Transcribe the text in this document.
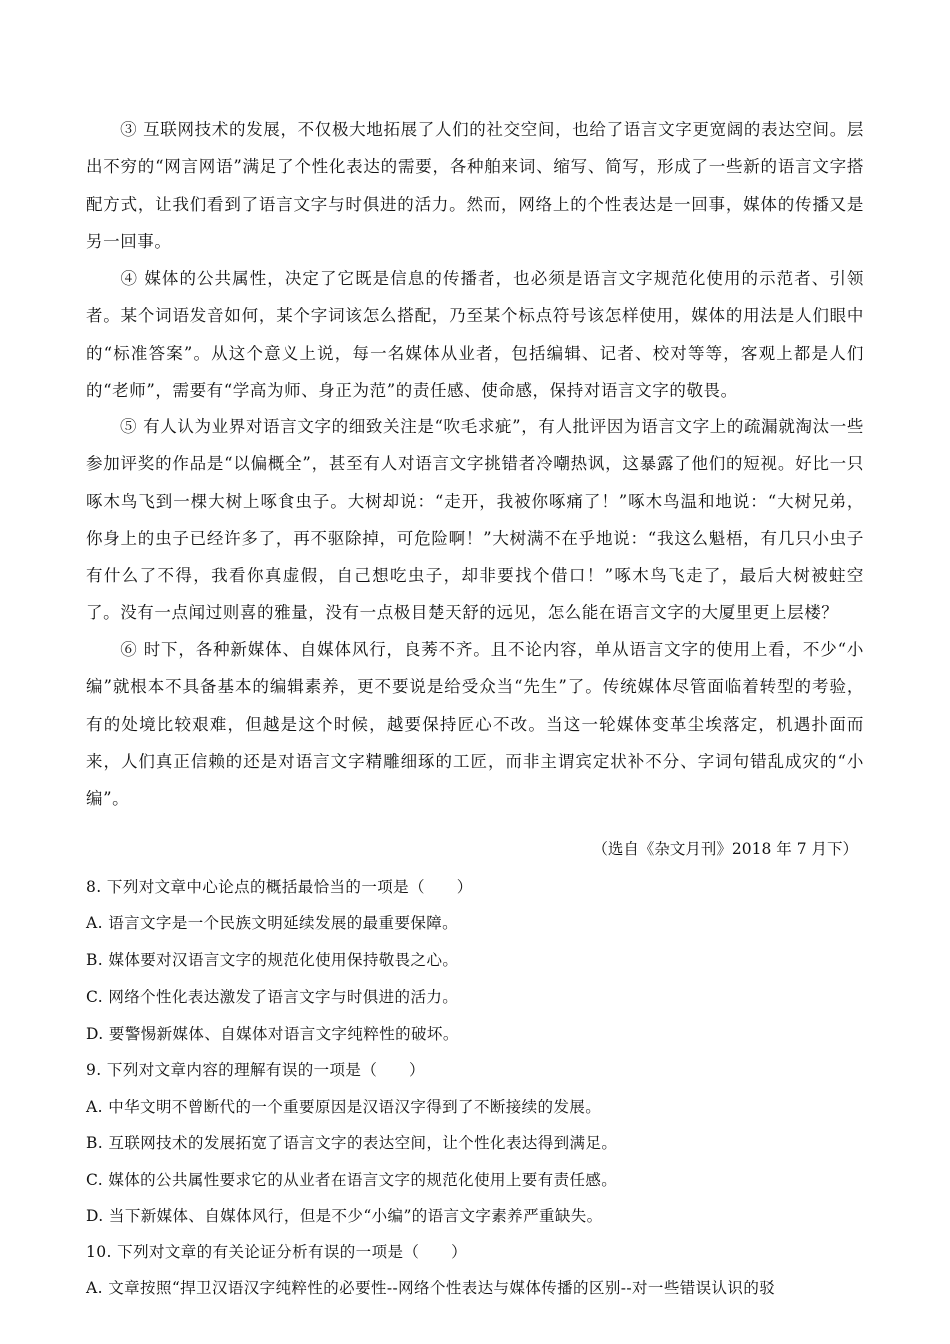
③ 互联网技术的发展，不仅极大地拓展了人们的社交空间，也给了语言文字更宽阔的表达空间。层出不穷的“网言网语”满足了个性化表达的需要，各种舶来词、缩写、简写，形成了一些新的语言文字搭配方式，让我们看到了语言文字与时俱进的活力。然而，网络上的个性表达是一回事，媒体的传播又是另一回事。

④ 媒体的公共属性，决定了它既是信息的传播者，也必须是语言文字规范化使用的示范者、引领者。某个词语发音如何，某个字词该怎么搭配，乃至某个标点符号该怎样使用，媒体的用法是人们眼中的“标准答案”。从这个意义上说，每一名媒体从业者，包括编辑、记者、校对等等，客观上都是人们的“老师”，需要有“学高为师、身正为范”的责任感、使命感，保持对语言文字的敬畏。

⑤ 有人认为业界对语言文字的细致关注是“吹毛求疵”，有人批评因为语言文字上的疏漏就淘汰一些参加评奖的作品是“以偏概全”，甚至有人对语言文字挑错者冷嘲热讽，这暴露了他们的短视。好比一只啄木鸟飞到一棵大树上啄食虫子。大树却说：“走开，我被你啄痛了！”啄木鸟温和地说：“大树兄弟，你身上的虫子已经许多了，再不驱除掉，可危险啊！”大树满不在乎地说：“我这么魁梧，有几只小虫子有什么了不得，我看你真虚假，自己想吃虫子，却非要找个借口！”啄木鸟飞走了，最后大树被蛀空了。没有一点闻过则喜的雅量，没有一点极目楚天舒的远见，怎么能在语言文字的大厦里更上层楼？

⑥ 时下，各种新媒体、自媒体风行，良莠不齐。且不论内容，单从语言文字的使用上看，不少“小编”就根本不具备基本的编辑素养，更不要说是给受众当“先生”了。传统媒体尽管面临着转型的考验，有的处境比较艰难，但越是这个时候，越要保持匠心不改。当这一轮媒体变革尘埃落定，机遇扑面而来，人们真正信赖的还是对语言文字精雕细琢的工匠，而非主谓宾定状补不分、字词句错乱成灾的“小编”。

（选自《杂文月刊》2018 年 7 月下）

8. 下列对文章中心论点的概括最恰当的一项是（　　）

A. 语言文字是一个民族文明延续发展的最重要保障。

B. 媒体要对汉语言文字的规范化使用保持敬畏之心。

C. 网络个性化表达激发了语言文字与时俱进的活力。

D. 要警惕新媒体、自媒体对语言文字纯粹性的破坏。

9. 下列对文章内容的理解有误的一项是（　　）

A. 中华文明不曾断代的一个重要原因是汉语汉字得到了不断接续的发展。

B. 互联网技术的发展拓宽了语言文字的表达空间，让个性化表达得到满足。

C. 媒体的公共属性要求它的从业者在语言文字的规范化使用上要有责任感。

D. 当下新媒体、自媒体风行，但是不少“小编”的语言文字素养严重缺失。

10. 下列对文章的有关论证分析有误的一项是（　　）

A. 文章按照“捍卫汉语汉字纯粹性的必要性--网络个性表达与媒体传播的区别--对一些错误认识的驳
